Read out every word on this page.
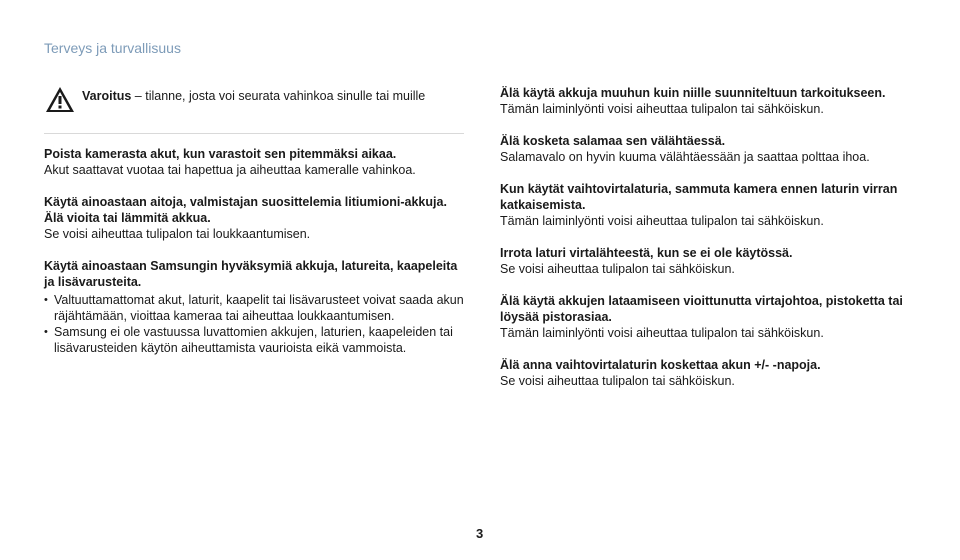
Terveys ja turvallisuus
Varoitus – tilanne, josta voi seurata vahinkoa sinulle tai muille
Poista kamerasta akut, kun varastoit sen pitemmäksi aikaa.
Akut saattavat vuotaa tai hapettua ja aiheuttaa kameralle vahinkoa.
Käytä ainoastaan aitoja, valmistajan suosittelemia litiumioni-akkuja. Älä vioita tai lämmitä akkua.
Se voisi aiheuttaa tulipalon tai loukkaantumisen.
Käytä ainoastaan Samsungin hyväksymiä akkuja, latureita, kaapeleita ja lisävarusteita.
• Valtuuttamattomat akut, laturit, kaapelit tai lisävarusteet voivat saada akun räjähtämään, vioittaa kameraa tai aiheuttaa loukkaantumisen.
• Samsung ei ole vastuussa luvattomien akkujen, laturien, kaapeleiden tai lisävarusteiden käytön aiheuttamista vaurioista eikä vammoista.
Älä käytä akkuja muuhun kuin niille suunniteltuun tarkoitukseen.
Tämän laiminlyönti voisi aiheuttaa tulipalon tai sähköiskun.
Älä kosketa salamaa sen välähtäessä.
Salamavalo on hyvin kuuma välähtäessään ja saattaa polttaa ihoa.
Kun käytät vaihtovirtalaturia, sammuta kamera ennen laturin virran katkaisemista.
Tämän laiminlyönti voisi aiheuttaa tulipalon tai sähköiskun.
Irrota laturi virtalähteestä, kun se ei ole käytössä.
Se voisi aiheuttaa tulipalon tai sähköiskun.
Älä käytä akkujen lataamiseen vioittunutta virtajohtoa, pistoketta tai löysää pistorasiaa.
Tämän laiminlyönti voisi aiheuttaa tulipalon tai sähköiskun.
Älä anna vaihtovirtalaturin koskettaa akun +/- -napoja.
Se voisi aiheuttaa tulipalon tai sähköiskun.
3
